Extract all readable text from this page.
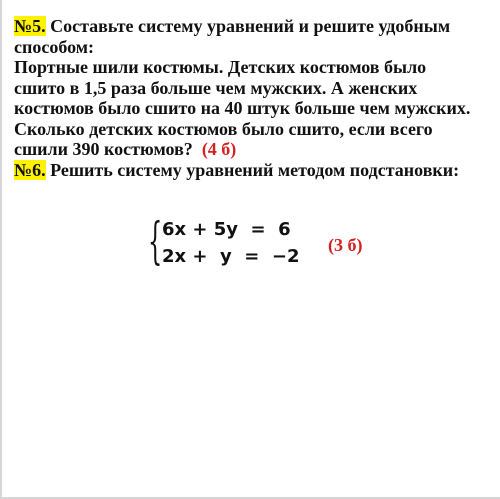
№5. Составьте систему уравнений и решите удобным
способом:
Портные шили костюмы. Детских костюмов было
сшито в 1,5 раза больше чем мужских. А женских
костюмов было сшито на 40 штук больше чем мужских.
Сколько детских костюмов было сшито, если всего
сшили 390 костюмов? (4 б)
№6. Решить систему уравнений методом подстановки:
{ 6x + 5y  =  6
2x +  y  =  −2
(3 б)
